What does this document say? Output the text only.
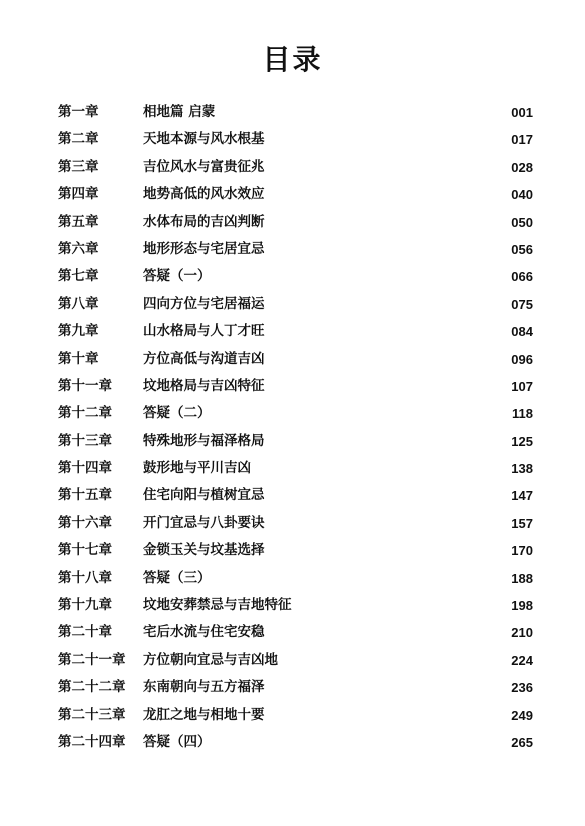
目录
第一章	相地篇 启蒙	001
第二章	天地本源与风水根基	017
第三章	吉位风水与富贵征兆	028
第四章	地势高低的风水效应	040
第五章	水体布局的吉凶判断	050
第六章	地形形态与宅居宜忌	056
第七章	答疑（一）	066
第八章	四向方位与宅居福运	075
第九章	山水格局与人丁才旺	084
第十章	方位高低与沟道吉凶	096
第十一章 坟地格局与吉凶特征	107
第十二章 答疑（二）	118
第十三章 特殊地形与福泽格局	125
第十四章 鼓形地与平川吉凶	138
第十五章 住宅向阳与植树宜忌	147
第十六章 开门宜忌与八卦要诀	157
第十七章 金锁玉关与坟基选择	170
第十八章 答疑（三）	188
第十九章 坟地安葬禁忌与吉地特征	198
第二十章 宅后水流与住宅安稳	210
第二十一章 方位朝向宜忌与吉凶地	224
第二十二章 东南朝向与五方福泽	236
第二十三章 龙肛之地与相地十要	249
第二十四章 答疑（四）	265
